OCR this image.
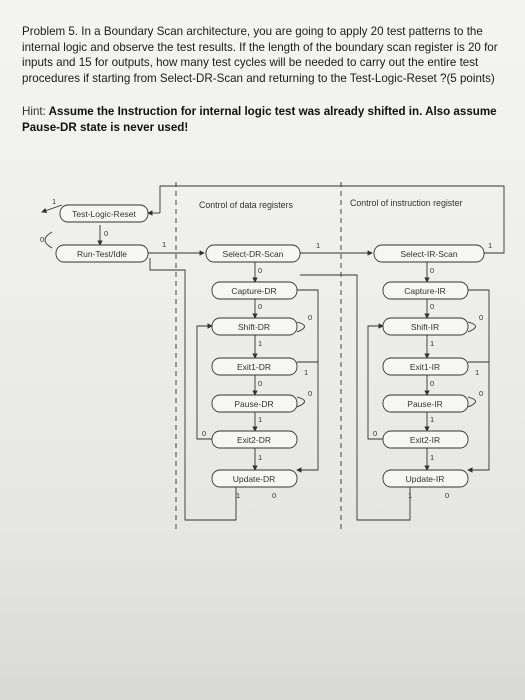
Problem 5. In a Boundary Scan architecture, you are going to apply 20 test patterns to the internal logic and observe the test results. If the length of the boundary scan register is 20 for inputs and 15 for outputs, how many test cycles will be needed to carry out the entire test procedures if starting from Select-DR-Scan and returning to the Test-Logic-Reset ?(5 points)
Hint: Assume the Instruction for internal logic test was already shifted in. Also assume Pause-DR state is never used!
Control of data registers	Control of instruction register
Test-Logic-Reset
Run-Test/Idle	Select-DR-Scan
Capture-DR
Shift-DR
Exit1-DR
Pause-DR
Exit2-DR
Update-DR
Select-IR-Scan
Capture-IR
Shift-IR
Exit1-IR
Pause-IR
Exit2-IR
Update-IR
1
0
0
1	1	1
0	0
0	0
0	0
1	1
1	1
0	0
0	0
1	1
0	0
1	1
1	0	1	0
